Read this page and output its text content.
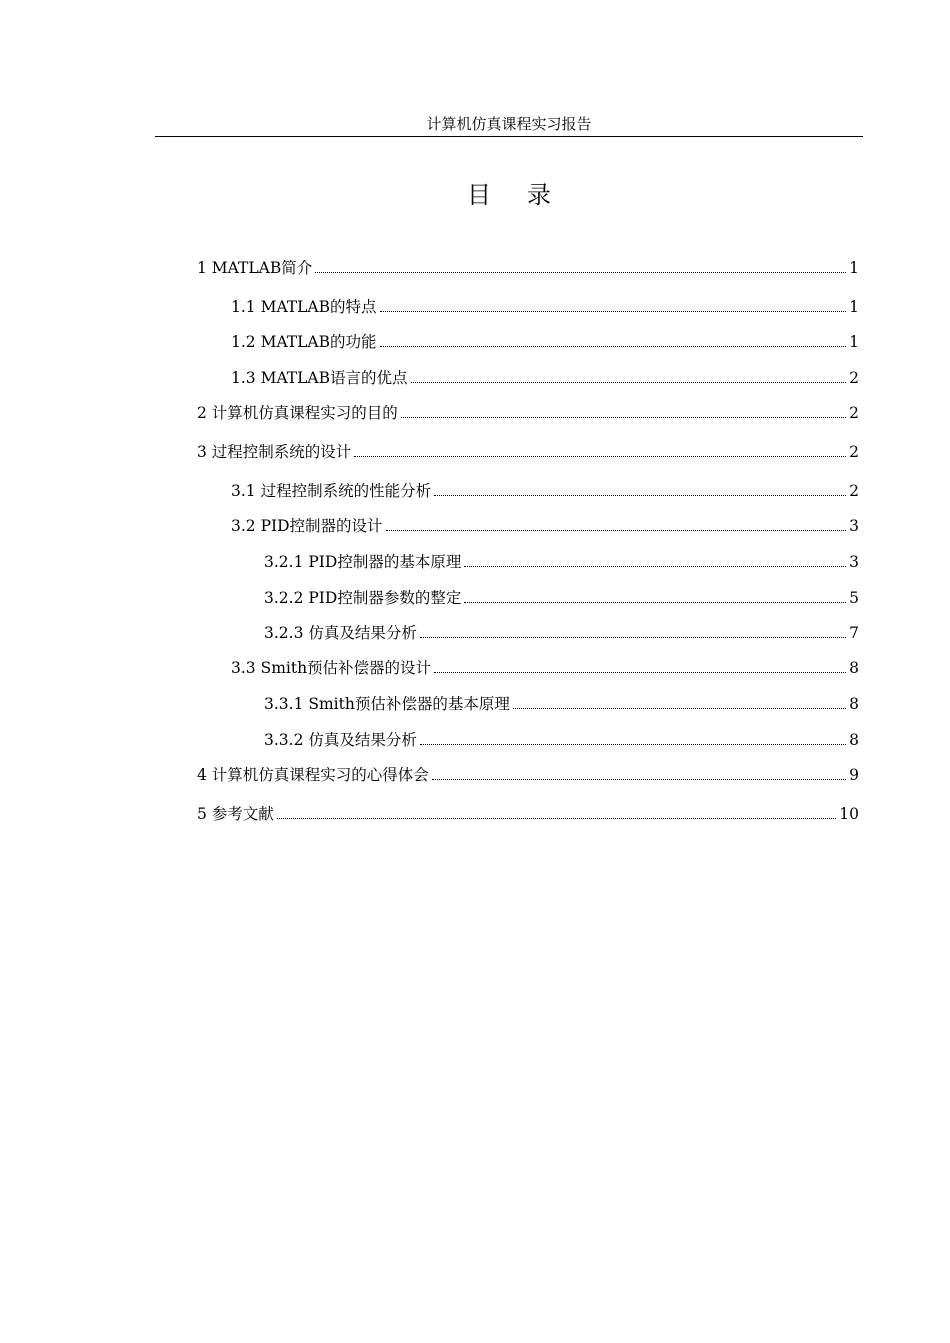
计算机仿真课程实习报告
目录
1 MATLAB简介	1
1.1 MATLAB的特点	1
1.2 MATLAB的功能	1
1.3 MATLAB语言的优点	2
2 计算机仿真课程实习的目的	2
3 过程控制系统的设计	2
3.1 过程控制系统的性能分析	2
3.2 PID控制器的设计	3
3.2.1 PID控制器的基本原理	3
3.2.2 PID控制器参数的整定	5
3.2.3 仿真及结果分析	7
3.3 Smith预估补偿器的设计	8
3.3.1 Smith预估补偿器的基本原理	8
3.3.2 仿真及结果分析	8
4 计算机仿真课程实习的心得体会	9
5 参考文献	10
